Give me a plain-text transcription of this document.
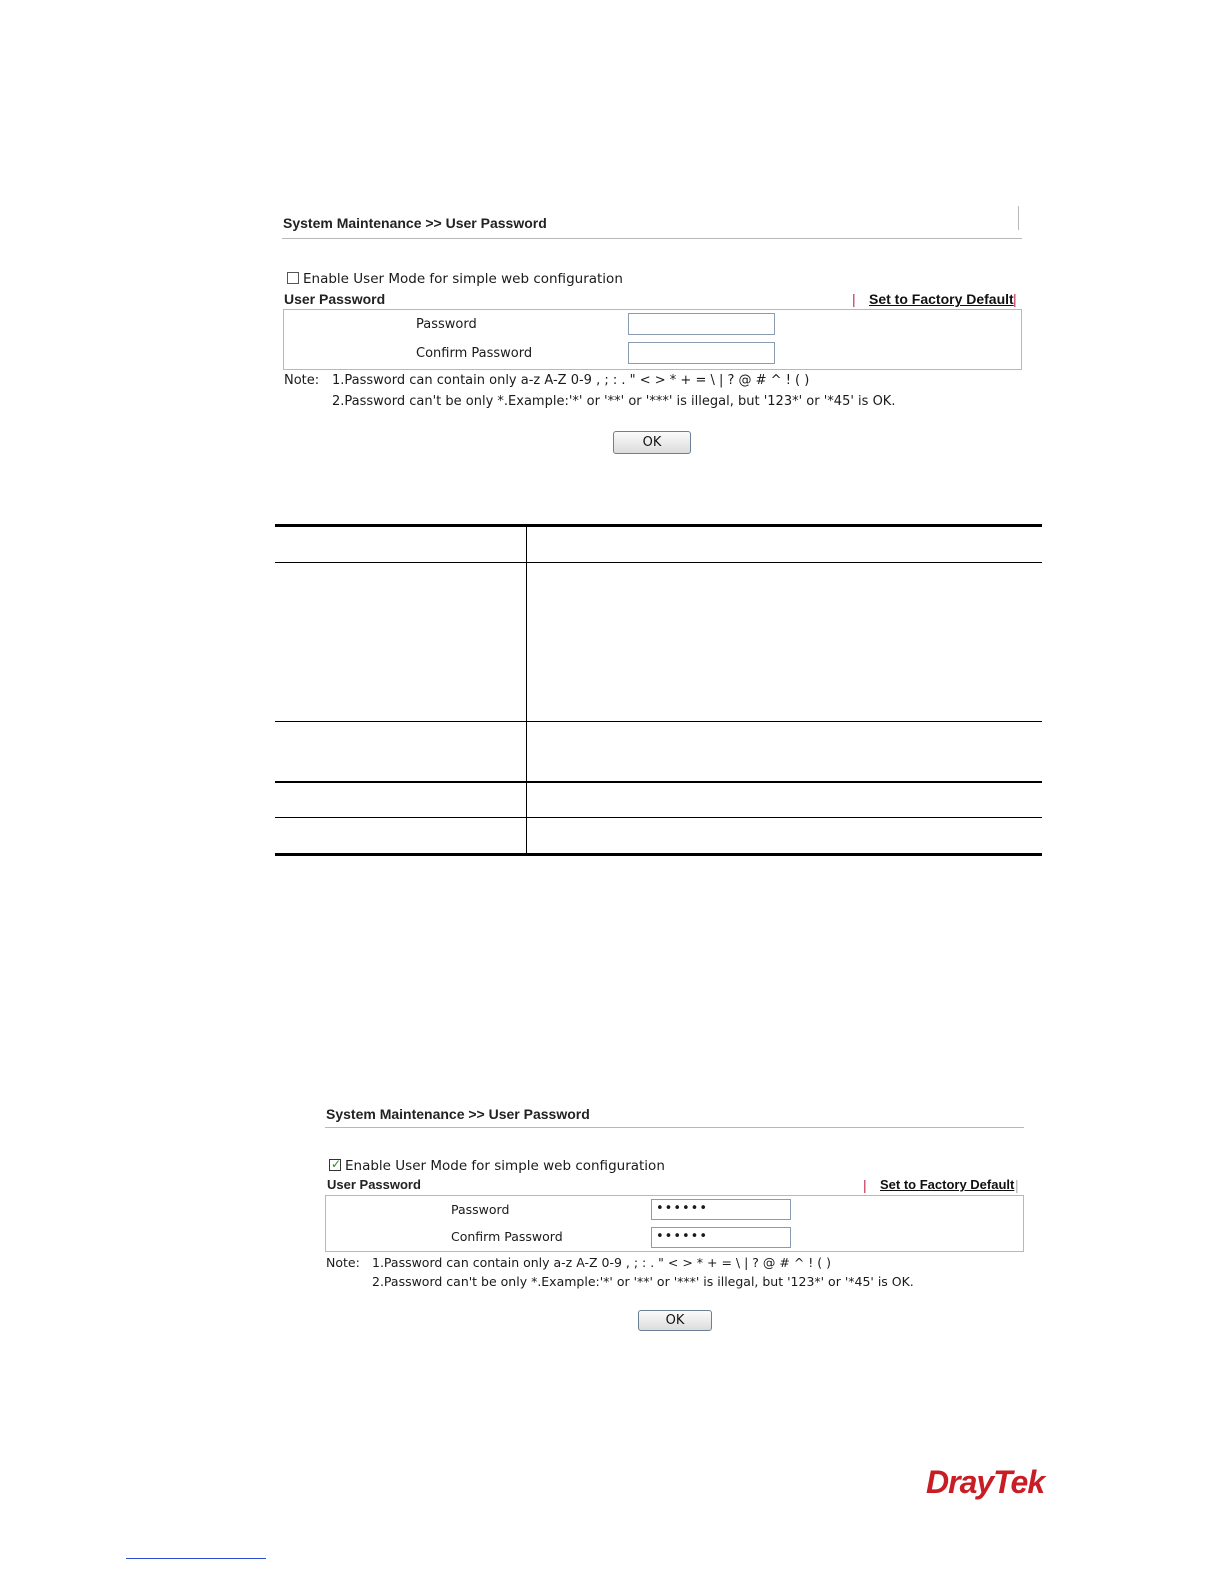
System Maintenance >> User Password
Enable User Mode for simple web configuration
User Password	| Set to Factory Default |
Password
Confirm Password
Note: 1.Password can contain only a-z A-Z 0-9 , ; : . " < > * + = \ | ? @ # ^ ! ( )
2.Password can't be only *.Example:'*' or '**' or '***' is illegal, but '123*' or '*45' is OK.
OK
System Maintenance >> User Password
✓ Enable User Mode for simple web configuration
User Password	| Set to Factory Default |
Password	••••••
Confirm Password	••••••
Note: 1.Password can contain only a-z A-Z 0-9 , ; : . " < > * + = \ | ? @ # ^ ! ( )
2.Password can't be only *.Example:'*' or '**' or '***' is illegal, but '123*' or '*45' is OK.
OK
DrayTek
